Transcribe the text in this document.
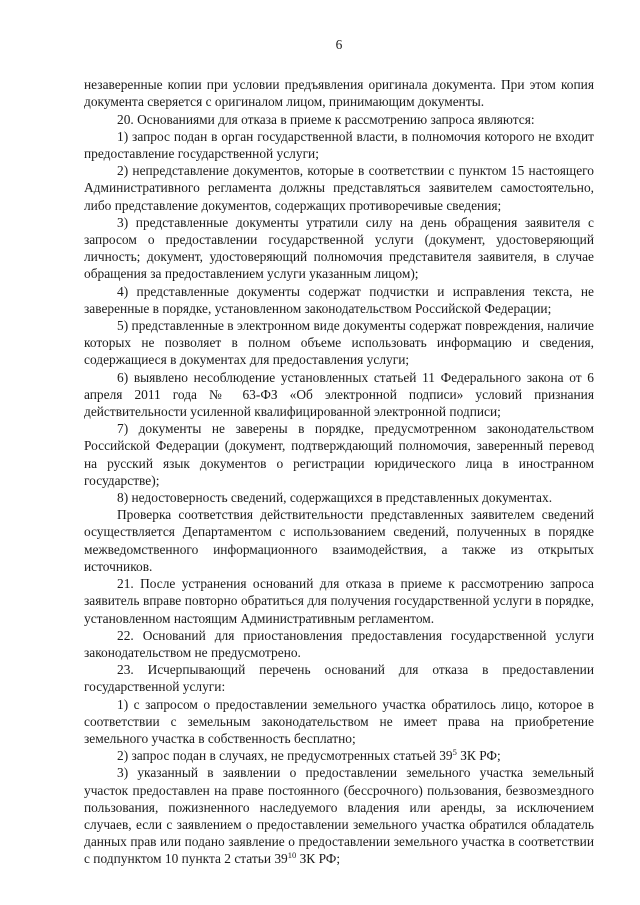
6

незаверенные копии при условии предъявления оригинала документа. При этом копия документа сверяется с оригиналом лицом, принимающим документы.

20. Основаниями для отказа в приеме к рассмотрению запроса являются:

1) запрос подан в орган государственной власти, в полномочия которого не входит предоставление государственной услуги;

2) непредставление документов, которые в соответствии с пунктом 15 настоящего Административного регламента должны представляться заявителем самостоятельно, либо представление документов, содержащих противоречивые сведения;

3) представленные документы утратили силу на день обращения заявителя с запросом о предоставлении государственной услуги (документ, удостоверяющий личность; документ, удостоверяющий полномочия представителя заявителя, в случае обращения за предоставлением услуги указанным лицом);

4) представленные документы содержат подчистки и исправления текста, не заверенные в порядке, установленном законодательством Российской Федерации;

5) представленные в электронном виде документы содержат повреждения, наличие которых не позволяет в полном объеме использовать информацию и сведения, содержащиеся в документах для предоставления услуги;

6) выявлено несоблюдение установленных статьей 11 Федерального закона от 6 апреля 2011 года № 63-ФЗ «Об электронной подписи» условий признания действительности усиленной квалифицированной электронной подписи;

7) документы не заверены в порядке, предусмотренном законодательством Российской Федерации (документ, подтверждающий полномочия, заверенный перевод на русский язык документов о регистрации юридического лица в иностранном государстве);

8) недостоверность сведений, содержащихся в представленных документах.

Проверка соответствия действительности представленных заявителем сведений осуществляется Департаментом с использованием сведений, полученных в порядке межведомственного информационного взаимодействия, а также из открытых источников.

21. После устранения оснований для отказа в приеме к рассмотрению запроса заявитель вправе повторно обратиться для получения государственной услуги в порядке, установленном настоящим Административным регламентом.

22. Оснований для приостановления предоставления государственной услуги законодательством не предусмотрено.

23. Исчерпывающий перечень оснований для отказа в предоставлении государственной услуги:

1) с запросом о предоставлении земельного участка обратилось лицо, которое в соответствии с земельным законодательством не имеет права на приобретение земельного участка в собственность бесплатно;

2) запрос подан в случаях, не предусмотренных статьей $39^5$ ЗК РФ;

3) указанный в заявлении о предоставлении земельного участка земельный участок предоставлен на праве постоянного (бессрочного) пользования, безвозмездного пользования, пожизненного наследуемого владения или аренды, за исключением случаев, если с заявлением о предоставлении земельного участка обратился обладатель данных прав или подано заявление о предоставлении земельного участка в соответствии с подпунктом 10 пункта 2 статьи $39^{10}$ ЗК РФ;
